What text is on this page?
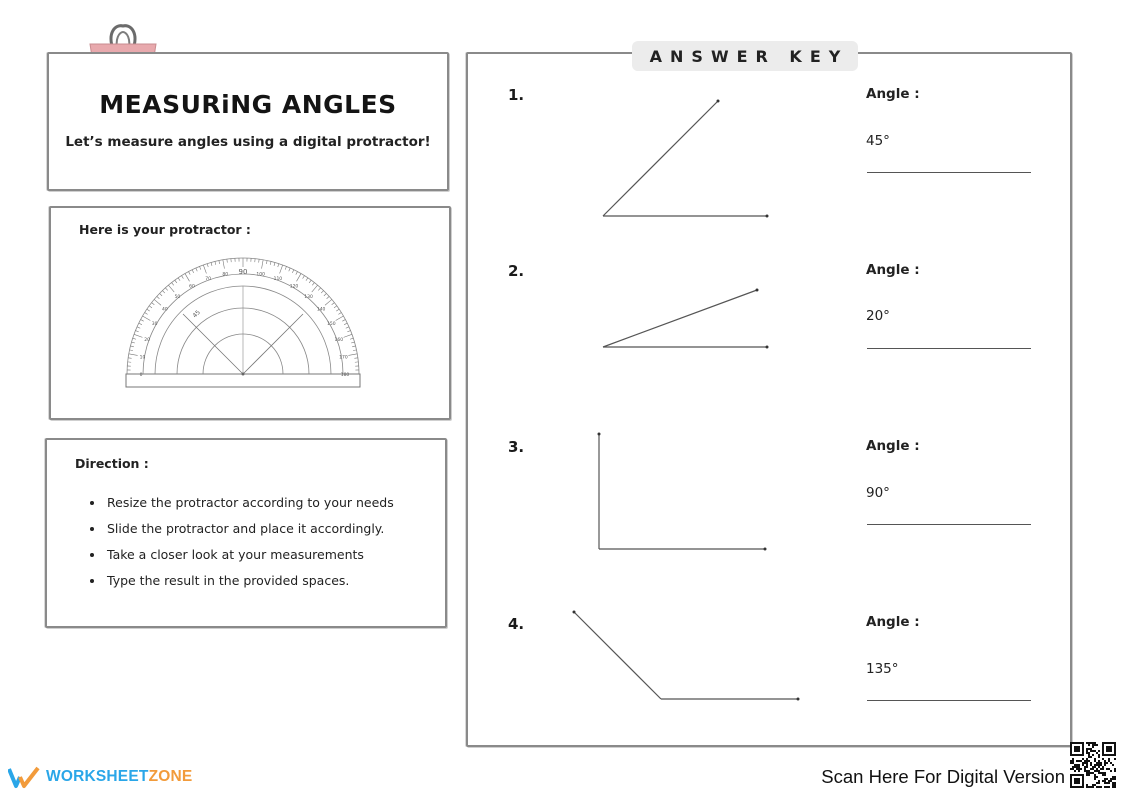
MEASURiNG ANGLES
Let’s measure angles using a digital protractor!
Here is your protractor :
0
10
20
30
40
50
60
70
80 90 100
110
120
130
140
150
160
170
180
45
Direction :
• Resize the protractor according to your needs
• Slide the protractor and place it accordingly.
• Take a closer look at your measurements
• Type the result in the provided spaces.
ANSWER KEY
1.	Angle :
45°
2.	Angle :
20°
3.	Angle :
90°
4.	Angle :
135°
WORKSHEETZONE	Scan Here For Digital Version
